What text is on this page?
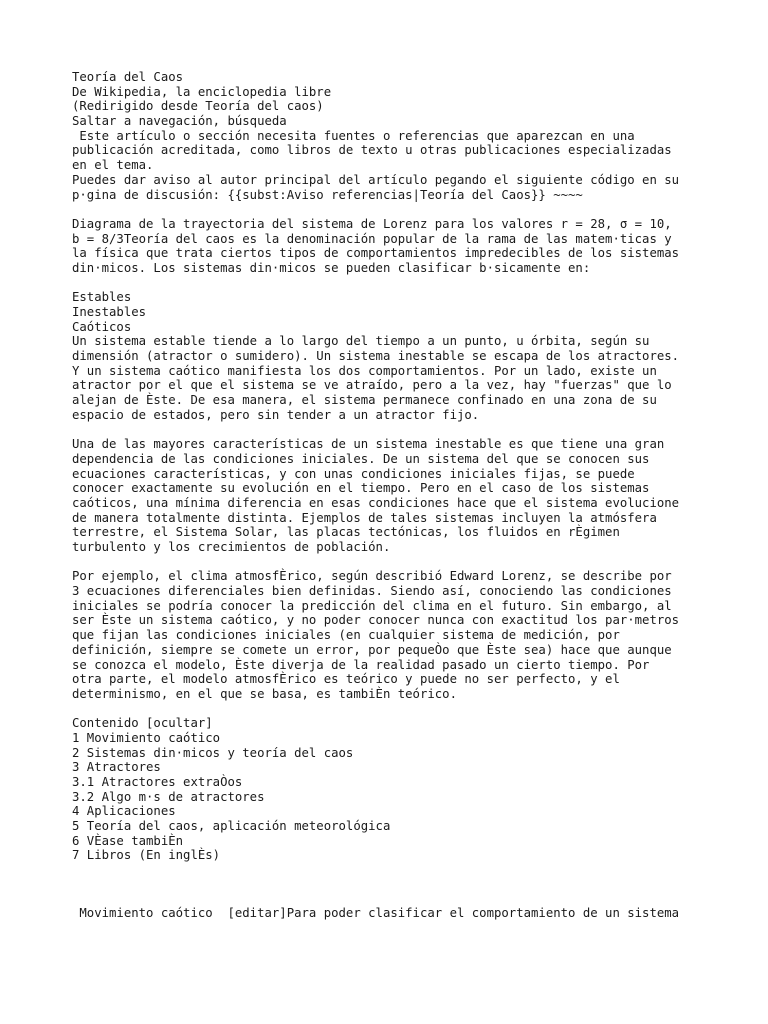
Teoría del Caos
De Wikipedia, la enciclopedia libre
(Redirigido desde Teoría del caos)
Saltar a navegación, búsqueda
Este artículo o sección necesita fuentes o referencias que aparezcan en una
publicación acreditada, como libros de texto u otras publicaciones especializadas
en el tema.
Puedes dar aviso al autor principal del artículo pegando el siguiente código en su
p·gina de discusión: {{subst:Aviso referencias|Teoría del Caos}} ~~~~
Diagrama de la trayectoria del sistema de Lorenz para los valores r = 28, σ = 10,
b = 8/3Teoría del caos es la denominación popular de la rama de las matem·ticas y
la física que trata ciertos tipos de comportamientos impredecibles de los sistemas
din·micos. Los sistemas din·micos se pueden clasificar b·sicamente en:
Estables
Inestables
Caóticos
Un sistema estable tiende a lo largo del tiempo a un punto, u órbita, según su
dimensión (atractor o sumidero). Un sistema inestable se escapa de los atractores.
Y un sistema caótico manifiesta los dos comportamientos. Por un lado, existe un
atractor por el que el sistema se ve atraído, pero a la vez, hay "fuerzas" que lo
alejan de Èste. De esa manera, el sistema permanece confinado en una zona de su
espacio de estados, pero sin tender a un atractor fijo.
Una de las mayores características de un sistema inestable es que tiene una gran
dependencia de las condiciones iniciales. De un sistema del que se conocen sus
ecuaciones características, y con unas condiciones iniciales fijas, se puede
conocer exactamente su evolución en el tiempo. Pero en el caso de los sistemas
caóticos, una mínima diferencia en esas condiciones hace que el sistema evolucione
de manera totalmente distinta. Ejemplos de tales sistemas incluyen la atmósfera
terrestre, el Sistema Solar, las placas tectónicas, los fluidos en rÈgimen
turbulento y los crecimientos de población.
Por ejemplo, el clima atmosfÈrico, según describió Edward Lorenz, se describe por
3 ecuaciones diferenciales bien definidas. Siendo así, conociendo las condiciones
iniciales se podría conocer la predicción del clima en el futuro. Sin embargo, al
ser Èste un sistema caótico, y no poder conocer nunca con exactitud los par·metros
que fijan las condiciones iniciales (en cualquier sistema de medición, por
definición, siempre se comete un error, por pequeÒo que Èste sea) hace que aunque
se conozca el modelo, Èste diverja de la realidad pasado un cierto tiempo. Por
otra parte, el modelo atmosfÈrico es teórico y puede no ser perfecto, y el
determinismo, en el que se basa, es tambiÈn teórico.
Contenido [ocultar]
1 Movimiento caótico
2 Sistemas din·micos y teoría del caos
3 Atractores
3.1 Atractores extraÒos
3.2 Algo m·s de atractores
4 Aplicaciones
5 Teoría del caos, aplicación meteorológica
6 VÈase tambiÈn
7 Libros (En inglÈs)
Movimiento caótico  [editar]Para poder clasificar el comportamiento de un sistema
